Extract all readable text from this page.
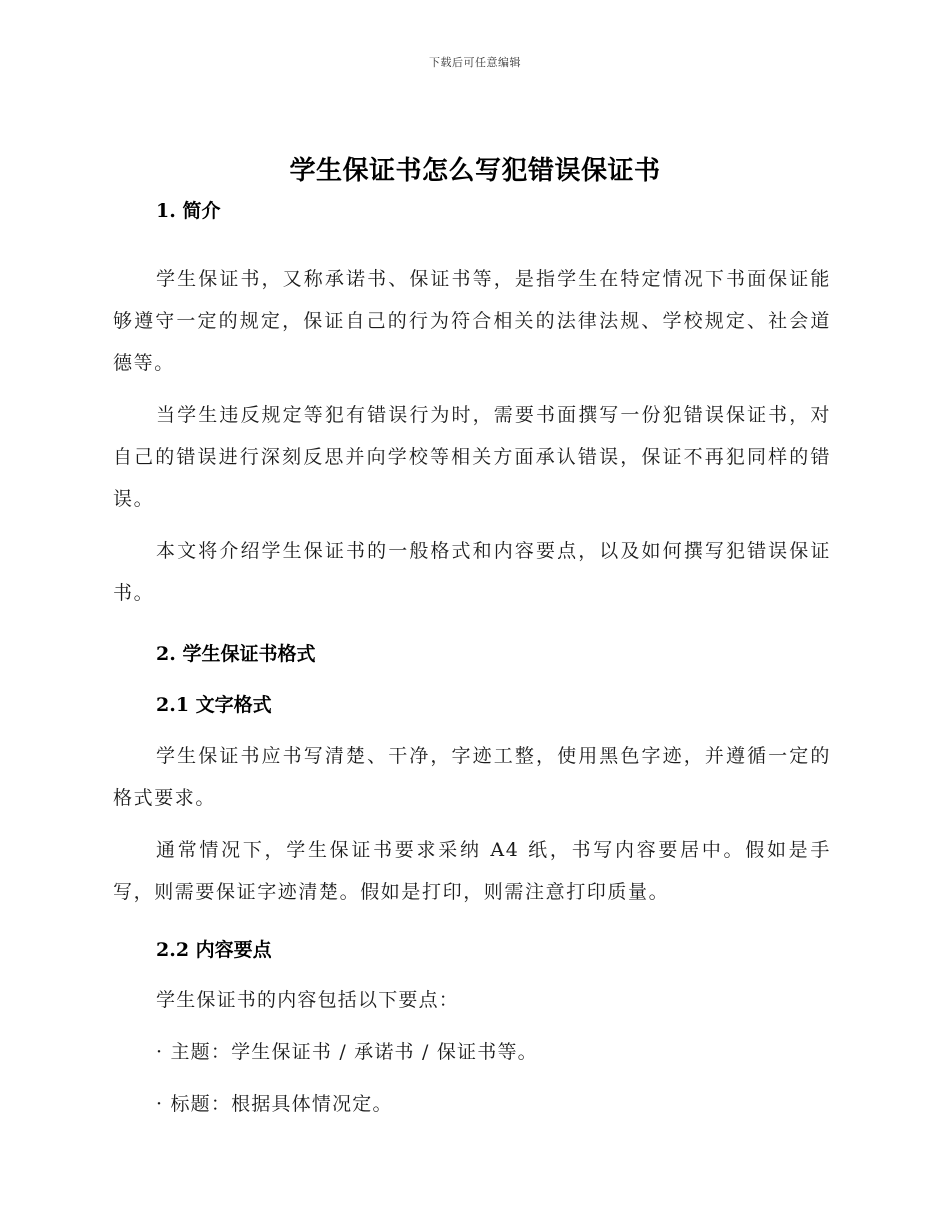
下载后可任意编辑
学生保证书怎么写犯错误保证书
1. 简介

学生保证书，又称承诺书、保证书等，是指学生在特定情况下书面保证能够遵守一定的规定，保证自己的行为符合相关的法律法规、学校规定、社会道德等。

当学生违反规定等犯有错误行为时，需要书面撰写一份犯错误保证书，对自己的错误进行深刻反思并向学校等相关方面承认错误，保证不再犯同样的错误。

本文将介绍学生保证书的一般格式和内容要点，以及如何撰写犯错误保证书。

2. 学生保证书格式
2.1 文字格式

学生保证书应书写清楚、干净，字迹工整，使用黑色字迹，并遵循一定的格式要求。

通常情况下，学生保证书要求采纳 A4 纸，书写内容要居中。假如是手写，则需要保证字迹清楚。假如是打印，则需注意打印质量。

2.2 内容要点
学生保证书的内容包括以下要点：
· 主题：学生保证书 / 承诺书 / 保证书等。
· 标题：根据具体情况定。
